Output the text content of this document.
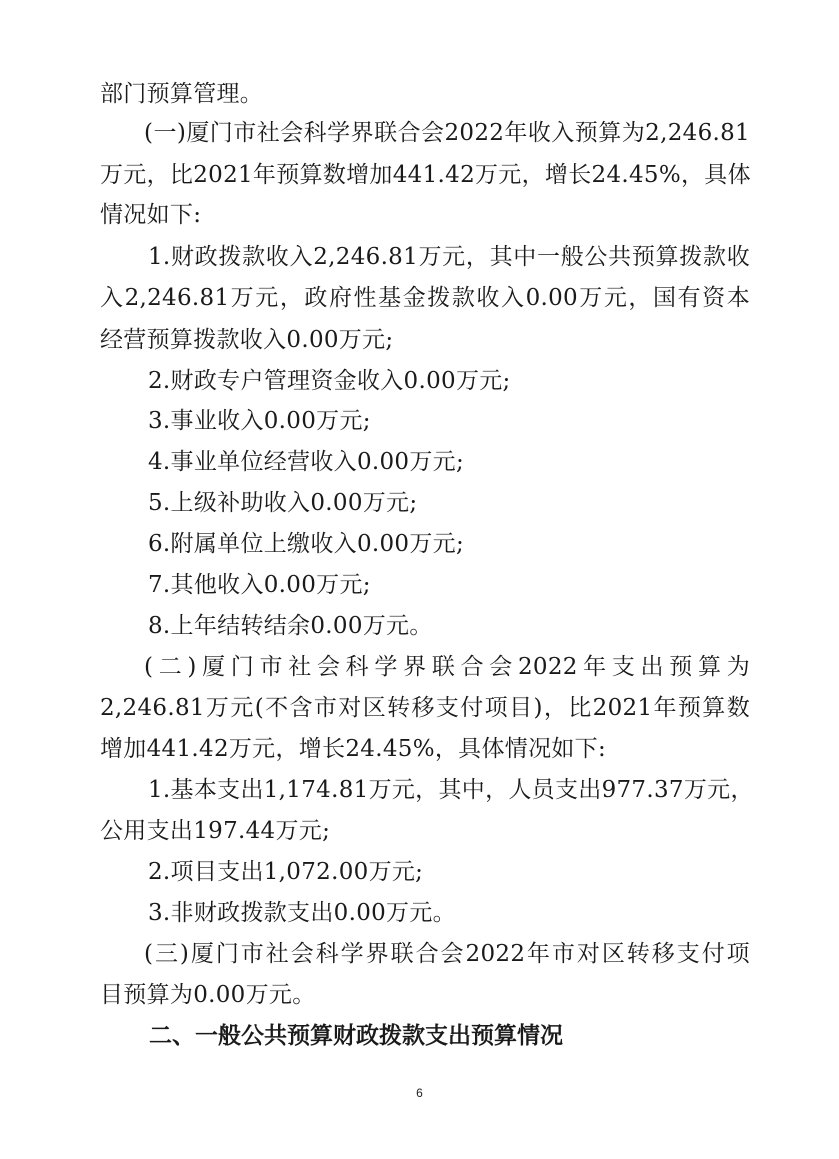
部门预算管理。
(一)厦门市社会科学界联合会2022年收入预算为2,246.81
万元，比2021年预算数增加441.42万元，增长24.45%，具体
情况如下:
1.财政拨款收入2,246.81万元，其中一般公共预算拨款收
入2,246.81万元，政府性基金拨款收入0.00万元，国有资本
经营预算拨款收入0.00万元;
2.财政专户管理资金收入0.00万元;
3.事业收入0.00万元;
4.事业单位经营收入0.00万元;
5.上级补助收入0.00万元;
6.附属单位上缴收入0.00万元;
7.其他收入0.00万元;
8.上年结转结余0.00万元。
(二)厦门市社会科学界联合会2022年支出预算为
2,246.81万元(不含市对区转移支付项目)，比2021年预算数
增加441.42万元，增长24.45%，具体情况如下:
1.基本支出1,174.81万元，其中，人员支出977.37万元，
公用支出197.44万元;
2.项目支出1,072.00万元;
3.非财政拨款支出0.00万元。
(三)厦门市社会科学界联合会2022年市对区转移支付项
目预算为0.00万元。
二、一般公共预算财政拨款支出预算情况
6
